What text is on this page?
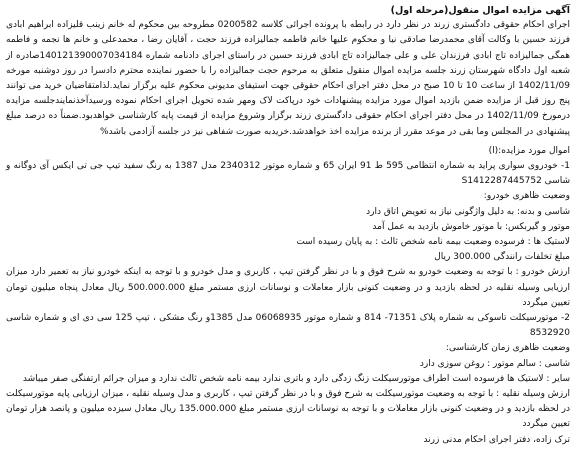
آگهی مزایده اموال منقول(مرحله اول)

اجرای احکام حقوقی دادگستری زرند در نظر دارد در رابطه با پرونده اجرائی کلاسه 0200582 مطروحه بین محکوم له خانم زینب قلیزاده ابراهیم ابادی فرزند حسین با وکالت آقای محمدرضا صادقی نیا و محکوم علیها خانم فاطمه جمالیزاده فرزند حجت ، آقایان رضا ، محمدعلی و خانم ها نجمه و فاطمه همگی جمالیزاده تاج ابادی فرزندان علی و علی جمالیزاده تاج ابادی فرزند حسین در راستای اجرای دادنامه شماره 140121390007034184صادره از شعبه اول دادگاه شهرستان زرند جلسه مزایده اموال منقول متعلق به مرحوم حجت جمالیزاده را با حضور نماینده محترم دادسرا در روز دوشنبه مورخه 1402/11/09 از ساعت 10 تا 10 صبح در محل دفتر اجرای احکام حقوقی جهت استیفای مدیونی محکوم علیه برگزار نماید.لذامتقاضیان خرید می توانند پنج روز قبل از مزایده ضمن بازدید اموال مورد مزایده پیشنهادات خود درپاکت لاک ومهر شده تحویل اجرای احکام نموده ورسیدآخذنمایندجلسه مزایده درمورخ 1402/11/09 در محل دفتر اجرای احکام حقوقی دادگستری زرند برگزار وشروع مزایده از قیمت پایه کارشناسی خواهدبود.ضمناً ده درصد مبلغ پیشنهادی در المجلس وما بقی در موعد مقرر از برنده مزایده اخذ خواهدشد.خریدبه صورت شفاهی نیز در جلسه آزادمی باشد%

اموال مورد مزایده:(ا)

1- خودروی سواری پراید به شماره انتظامی 595 ط 91 ایران 65 و شماره موتور 2340312 مدل 1387 به رنگ سفید تیپ جی تی ایکس آی دوگانه و شاسی S1412287445752

وضعیت ظاهری خودرو:

شاسی و بدنه: به دلیل واژگونی نیاز به تعویض اتاق دارد

موتور و گیربکس: با موتور خاموش بازدید به عمل آمد

لاستیک ها : فرسوده وضعیت بیمه نامه شخص ثالث : به پایان رسیده است

مبلغ تخلفات رانندگی 300.000 ریال

ارزش خودرو : با توجه به وضعیت خودرو به شرح فوق و با در نظر گرفتن تیپ ، کاربری و مدل خودرو و با توجه به اینکه خودرو نیاز به تعمیر دارد میزان ارزیابی وسیله نقلیه در لحظه بازدید و در وضعیت کنونی بازار معاملات و نوسانات ارزی مستمر مبلغ 500.000.000 ریال معادل پنجاه میلیون تومان تعیین میگردد

2- موتورسیکلت تاسوکی به شماره پلاک 71351- 814 و شماره موتور 06068935 مدل 1385و رنگ مشکی ، تیپ 125 سی دی ای و شماره شاسی 8532920

وضعیت ظاهری زمان کارشناسی:

شاسی : سالم موتور : روغن سوزی دارد

سایر : لاستیک ها فرسوده است اطراف موتورسیکلت زنگ زدگی دارد و باتری ندارد بیمه نامه شخص ثالث ندارد و میزان جرائم ارتفنگی صفر میباشد

ارزش وسیله نقلیه : با توجه به وضعیت موتورسیکلت به شرح فوق و با در نظر گرفتن تیپ ، کاربری و مدل وسیله نقلیه ، میزان ارزیابی پایه موتورسیکلت در لحظه بازدید و در وضعیت کنونی بازار معاملات و با توجه به نوسانات ارزی مستمر مبلغ 135.000.000 ریال معادل سیزده میلیون و پانصد هزار تومان تعیین میگردد

ترک زاده، دفتر اجرای احکام مدنی زرند
